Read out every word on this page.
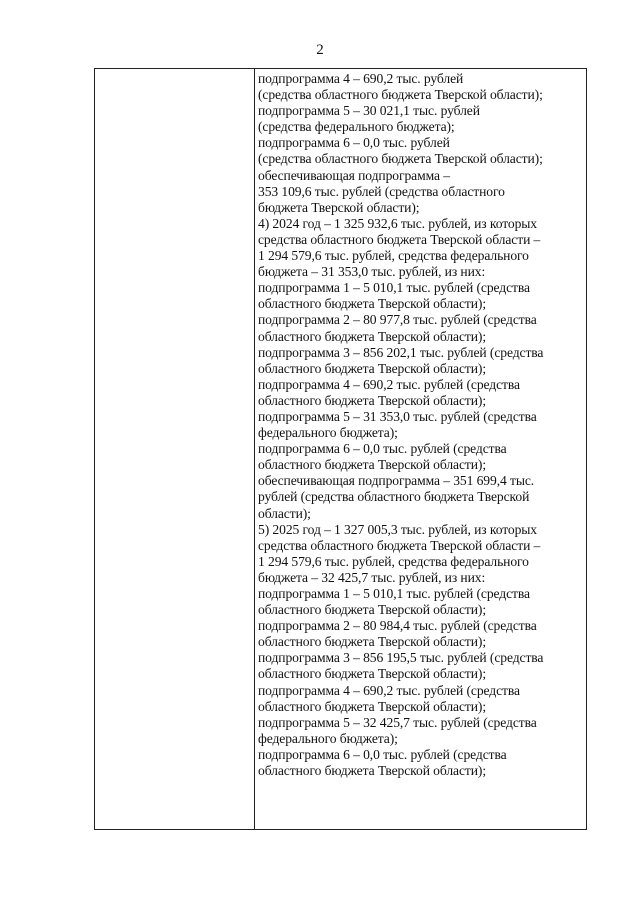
2
подпрограмма 4 – 690,2 тыс. рублей
(средства областного бюджета Тверской области);
подпрограмма 5 – 30 021,1 тыс. рублей
(средства федерального бюджета);
подпрограмма 6 – 0,0 тыс. рублей
(средства областного бюджета Тверской области);
обеспечивающая подпрограмма –
353 109,6 тыс. рублей (средства областного
бюджета Тверской области);
4) 2024 год – 1 325 932,6 тыс. рублей, из которых
средства областного бюджета Тверской области –
1 294 579,6 тыс. рублей, средства федерального
бюджета – 31 353,0 тыс. рублей, из них:
подпрограмма 1 – 5 010,1 тыс. рублей (средства
областного бюджета Тверской области);
подпрограмма 2 – 80 977,8 тыс. рублей (средства
областного бюджета Тверской области);
подпрограмма 3 – 856 202,1 тыс. рублей (средства
областного бюджета Тверской области);
подпрограмма 4 – 690,2 тыс. рублей (средства
областного бюджета Тверской области);
подпрограмма 5 – 31 353,0 тыс. рублей (средства
федерального бюджета);
подпрограмма 6 – 0,0 тыс. рублей (средства
областного бюджета Тверской области);
обеспечивающая подпрограмма – 351 699,4 тыс.
рублей (средства областного бюджета Тверской
области);
5) 2025 год – 1 327 005,3 тыс. рублей, из которых
средства областного бюджета Тверской области –
1 294 579,6 тыс. рублей, средства федерального
бюджета – 32 425,7 тыс. рублей, из них:
подпрограмма 1 – 5 010,1 тыс. рублей (средства
областного бюджета Тверской области);
подпрограмма 2 – 80 984,4 тыс. рублей (средства
областного бюджета Тверской области);
подпрограмма 3 – 856 195,5 тыс. рублей (средства
областного бюджета Тверской области);
подпрограмма 4 – 690,2 тыс. рублей (средства
областного бюджета Тверской области);
подпрограмма 5 – 32 425,7 тыс. рублей (средства
федерального бюджета);
подпрограмма 6 – 0,0 тыс. рублей (средства
областного бюджета Тверской области);
